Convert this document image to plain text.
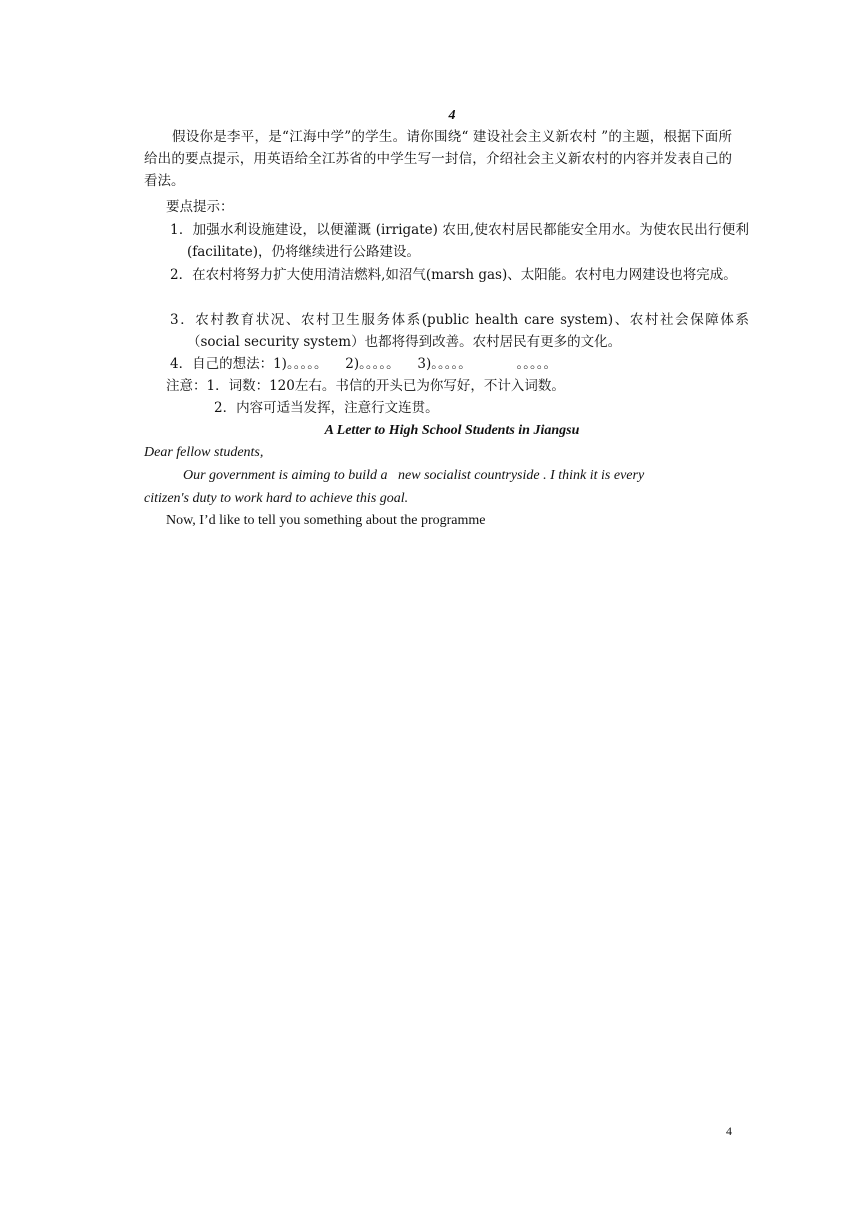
4
假设你是李平，是“江海中学”的学生。请你围绕“ 建设社会主义新农村 ”的主题，根据下面所给出的要点提示，用英语给全江苏省的中学生写一封信，介绍社会主义新农村的内容并发表自己的看法。
要点提示：
1．加强水利设施建设，以便灌溉 (irrigate) 农田,使农村居民都能安全用水。为使农民出行便利(facilitate)，仍将继续进行公路建设。
2．在农村将努力扩大使用清洁燃料,如沼气(marsh gas)、太阳能。农村电力网建设也将完成。
3．农村教育状况、农村卫生服务体系(public health care system)、农村社会保障体系（social security system）也都将得到改善。农村居民有更多的文化。
4．自己的想法：1)。。。。。 　2)。。。。。 　3)。。。。。 　　　。。。。。
注意：1．词数：120左右。书信的开头已为你写好，不计入词数。
2．内容可适当发挥，注意行文连贯。
A Letter to High School Students in Jiangsu
Dear fellow students,
Our government is aiming to build a   new socialist countryside . I think it is every
citizen's duty to work hard to achieve this goal.
Now, I’d like to tell you something about the programme
4
